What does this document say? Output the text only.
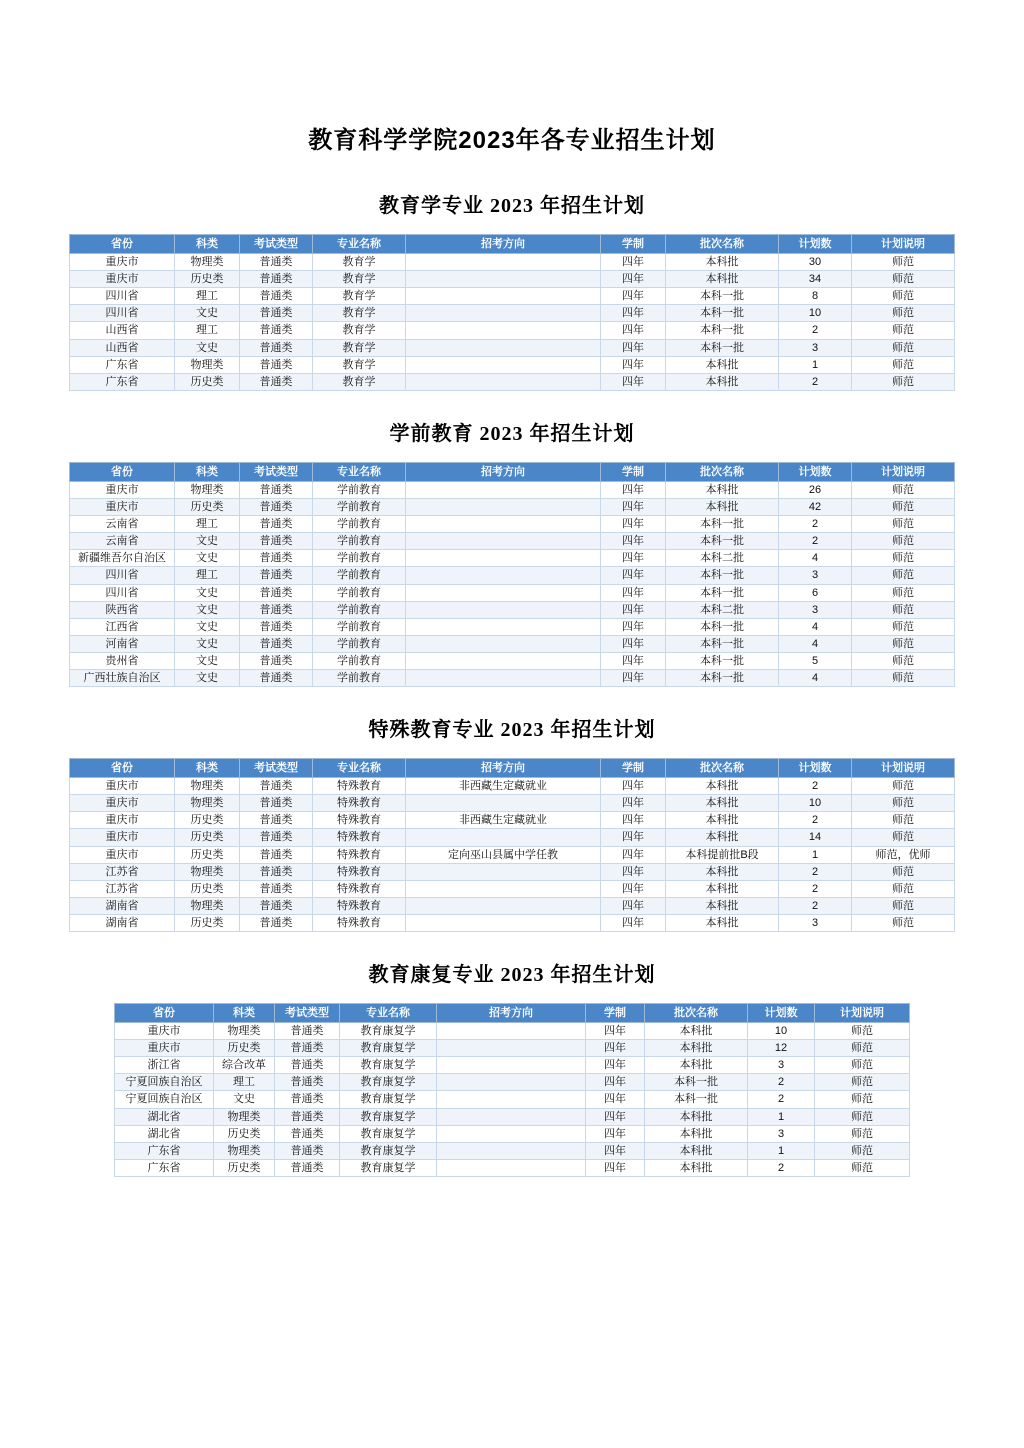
教育科学学院2023年各专业招生计划
教育学专业 2023 年招生计划
省份	科类	考试类型	专业名称	招考方向	学制	批次名称	计划数	计划说明
重庆市	物理类	普通类	教育学		四年	本科批	30	师范
重庆市	历史类	普通类	教育学		四年	本科批	34	师范
四川省	理工	普通类	教育学		四年	本科一批	8	师范
四川省	文史	普通类	教育学		四年	本科一批	10	师范
山西省	理工	普通类	教育学		四年	本科一批	2	师范
山西省	文史	普通类	教育学		四年	本科一批	3	师范
广东省	物理类	普通类	教育学		四年	本科批	1	师范
广东省	历史类	普通类	教育学		四年	本科批	2	师范
学前教育 2023 年招生计划
省份	科类	考试类型	专业名称	招考方向	学制	批次名称	计划数	计划说明
重庆市	物理类	普通类	学前教育		四年	本科批	26	师范
重庆市	历史类	普通类	学前教育		四年	本科批	42	师范
云南省	理工	普通类	学前教育		四年	本科一批	2	师范
云南省	文史	普通类	学前教育		四年	本科一批	2	师范
新疆维吾尔自治区	文史	普通类	学前教育		四年	本科二批	4	师范
四川省	理工	普通类	学前教育		四年	本科一批	3	师范
四川省	文史	普通类	学前教育		四年	本科一批	6	师范
陕西省	文史	普通类	学前教育		四年	本科二批	3	师范
江西省	文史	普通类	学前教育		四年	本科一批	4	师范
河南省	文史	普通类	学前教育		四年	本科一批	4	师范
贵州省	文史	普通类	学前教育		四年	本科一批	5	师范
广西壮族自治区	文史	普通类	学前教育		四年	本科一批	4	师范
特殊教育专业 2023 年招生计划
省份	科类	考试类型	专业名称	招考方向	学制	批次名称	计划数	计划说明
重庆市	物理类	普通类	特殊教育	非西藏生定藏就业	四年	本科批	2	师范
重庆市	物理类	普通类	特殊教育		四年	本科批	10	师范
重庆市	历史类	普通类	特殊教育	非西藏生定藏就业	四年	本科批	2	师范
重庆市	历史类	普通类	特殊教育		四年	本科批	14	师范
重庆市	历史类	普通类	特殊教育	定向巫山县属中学任教	四年	本科提前批B段	1	师范，优师
江苏省	物理类	普通类	特殊教育		四年	本科批	2	师范
江苏省	历史类	普通类	特殊教育		四年	本科批	2	师范
湖南省	物理类	普通类	特殊教育		四年	本科批	2	师范
湖南省	历史类	普通类	特殊教育		四年	本科批	3	师范
教育康复专业 2023 年招生计划
省份	科类	考试类型	专业名称	招考方向	学制	批次名称	计划数	计划说明
重庆市	物理类	普通类	教育康复学		四年	本科批	10	师范
重庆市	历史类	普通类	教育康复学		四年	本科批	12	师范
浙江省	综合改革	普通类	教育康复学		四年	本科批	3	师范
宁夏回族自治区	理工	普通类	教育康复学		四年	本科一批	2	师范
宁夏回族自治区	文史	普通类	教育康复学		四年	本科一批	2	师范
湖北省	物理类	普通类	教育康复学		四年	本科批	1	师范
湖北省	历史类	普通类	教育康复学		四年	本科批	3	师范
广东省	物理类	普通类	教育康复学		四年	本科批	1	师范
广东省	历史类	普通类	教育康复学		四年	本科批	2	师范
